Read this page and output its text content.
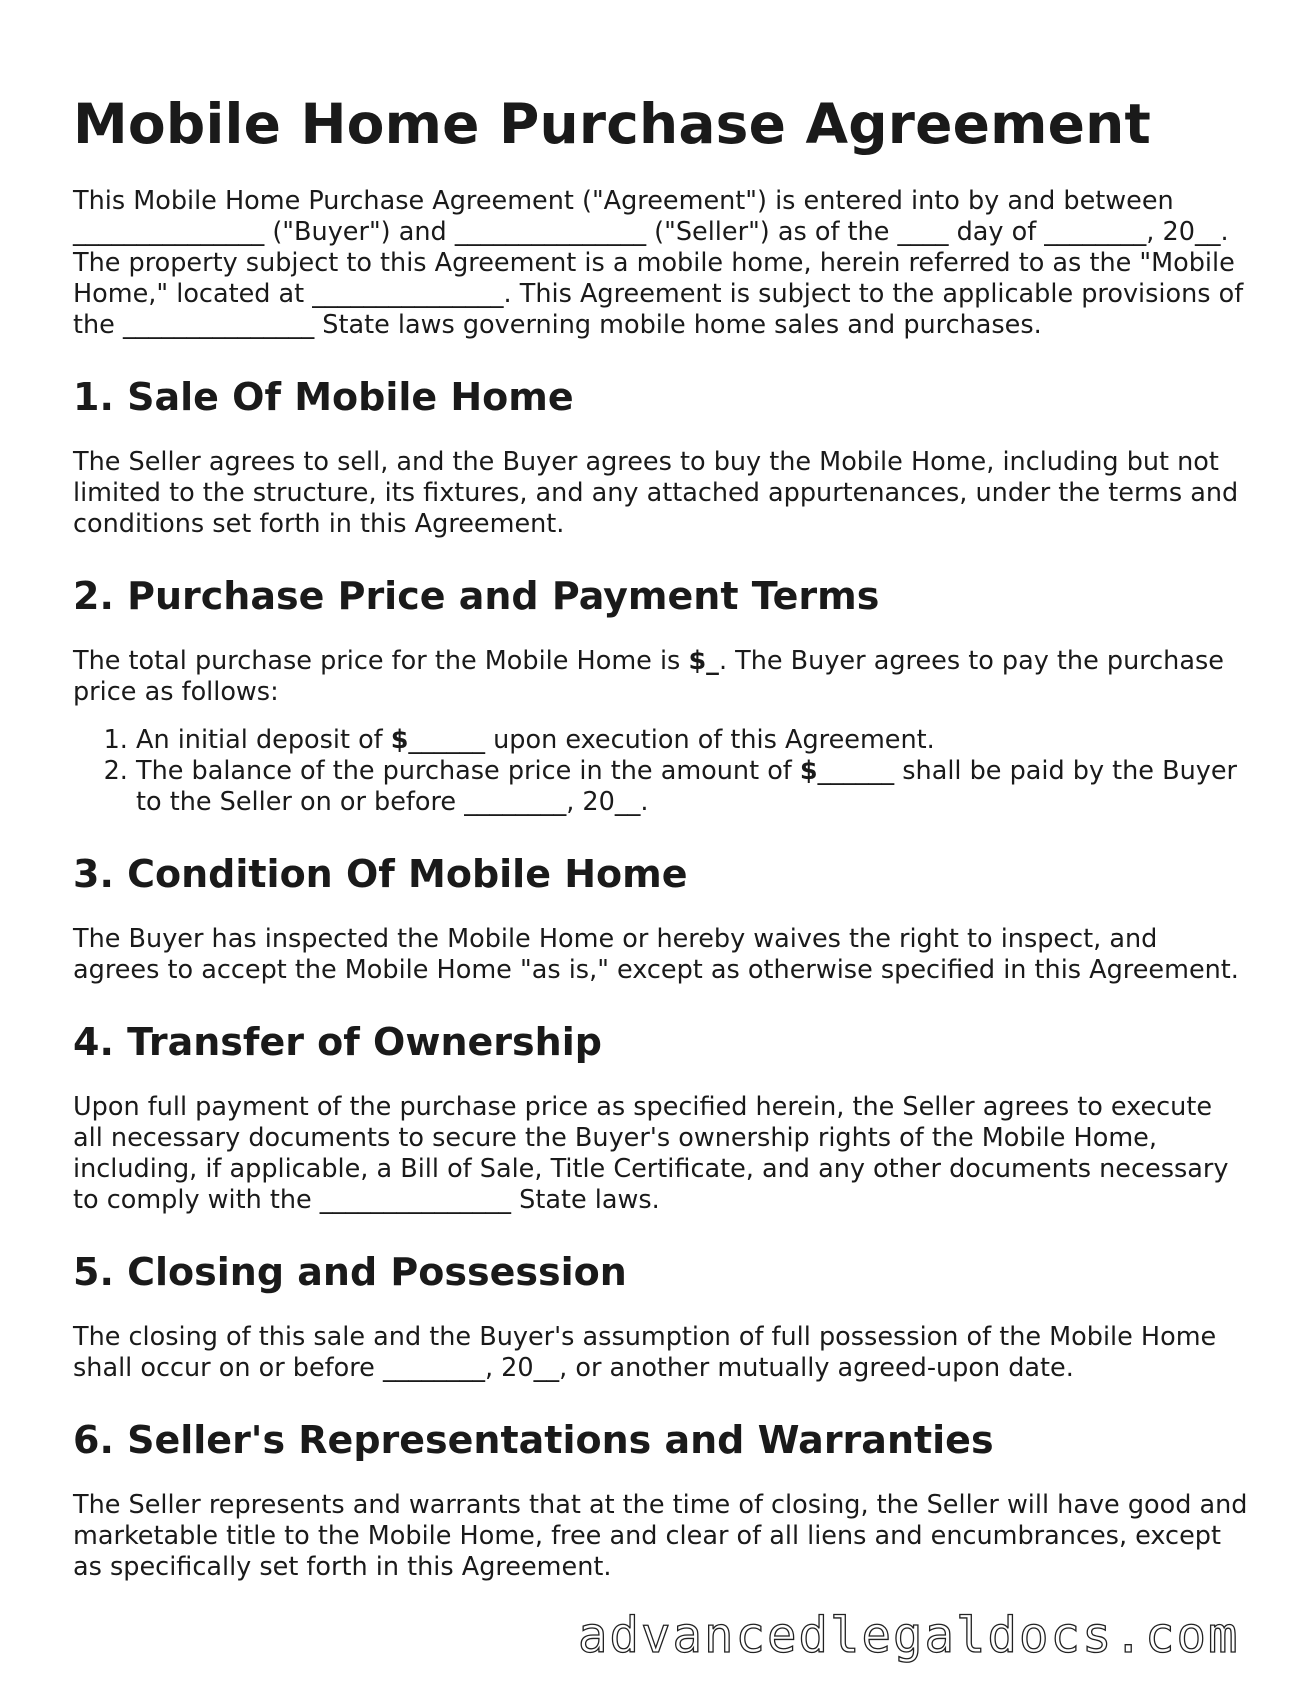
Mobile Home Purchase Agreement

This Mobile Home Purchase Agreement ("Agreement") is entered into by and between _______________ ("Buyer") and _______________ ("Seller") as of the ____ day of ________, 20__. The property subject to this Agreement is a mobile home, herein referred to as the "Mobile Home," located at _______________. This Agreement is subject to the applicable provisions of the _______________ State laws governing mobile home sales and purchases.

1. Sale Of Mobile Home

The Seller agrees to sell, and the Buyer agrees to buy the Mobile Home, including but not limited to the structure, its fixtures, and any attached appurtenances, under the terms and conditions set forth in this Agreement.

2. Purchase Price and Payment Terms

The total purchase price for the Mobile Home is $_. The Buyer agrees to pay the purchase price as follows:

1. An initial deposit of $______ upon execution of this Agreement.
2. The balance of the purchase price in the amount of $______ shall be paid by the Buyer to the Seller on or before ________, 20__.
3. Condition Of Mobile Home

The Buyer has inspected the Mobile Home or hereby waives the right to inspect, and agrees to accept the Mobile Home "as is," except as otherwise specified in this Agreement.

4. Transfer of Ownership

Upon full payment of the purchase price as specified herein, the Seller agrees to execute all necessary documents to secure the Buyer's ownership rights of the Mobile Home, including, if applicable, a Bill of Sale, Title Certificate, and any other documents necessary to comply with the _______________ State laws.

5. Closing and Possession

The closing of this sale and the Buyer's assumption of full possession of the Mobile Home shall occur on or before ________, 20__, or another mutually agreed-upon date.

6. Seller's Representations and Warranties

The Seller represents and warrants that at the time of closing, the Seller will have good and marketable title to the Mobile Home, free and clear of all liens and encumbrances, except as specifically set forth in this Agreement.

advancedlegaldocs.com
